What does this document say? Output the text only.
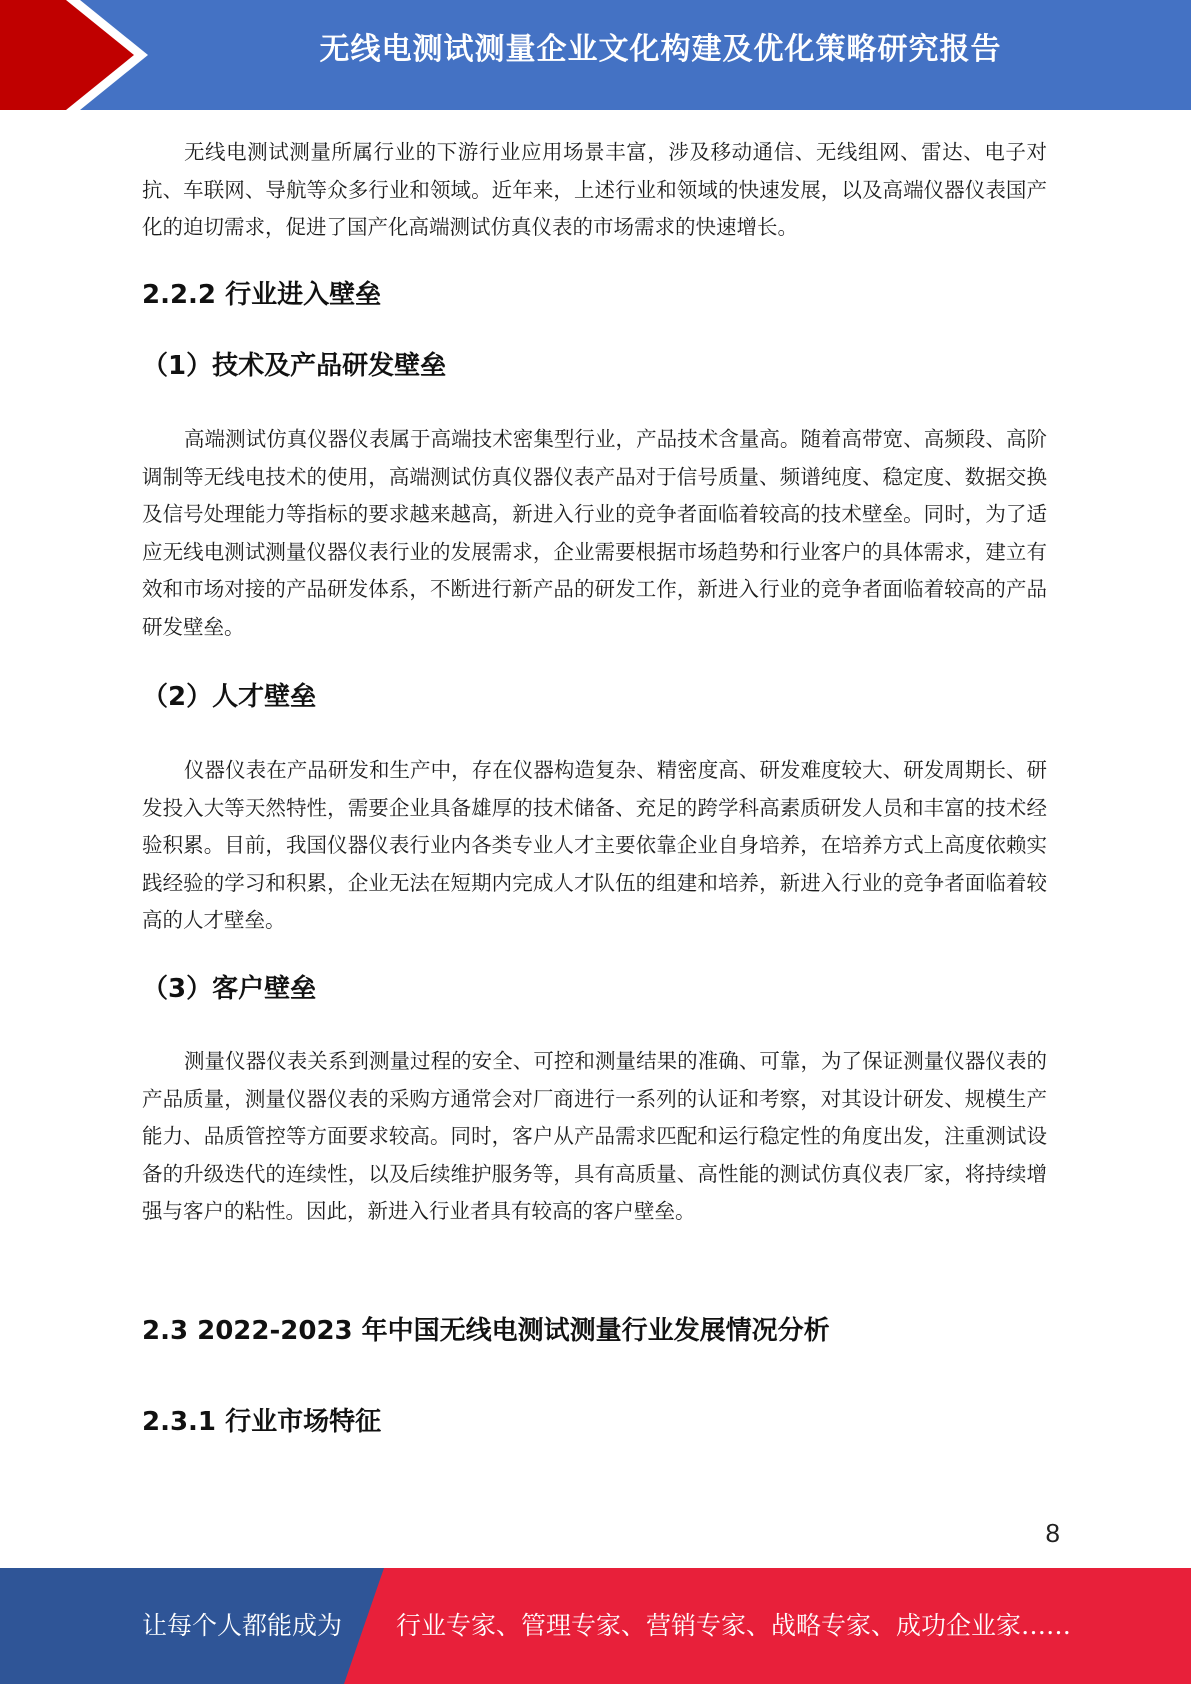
无线电测试测量企业文化构建及优化策略研究报告

无线电测试测量所属行业的下游行业应用场景丰富，涉及移动通信、无线组网、雷达、电子对抗、车联网、导航等众多行业和领域。近年来，上述行业和领域的快速发展，以及高端仪器仪表国产化的迫切需求，促进了国产化高端测试仿真仪表的市场需求的快速增长。

2.2.2 行业进入壁垒
（1）技术及产品研发壁垒

高端测试仿真仪器仪表属于高端技术密集型行业，产品技术含量高。随着高带宽、高频段、高阶调制等无线电技术的使用，高端测试仿真仪器仪表产品对于信号质量、频谱纯度、稳定度、数据交换及信号处理能力等指标的要求越来越高，新进入行业的竞争者面临着较高的技术壁垒。同时，为了适应无线电测试测量仪器仪表行业的发展需求，企业需要根据市场趋势和行业客户的具体需求，建立有效和市场对接的产品研发体系，不断进行新产品的研发工作，新进入行业的竞争者面临着较高的产品研发壁垒。

（2）人才壁垒

仪器仪表在产品研发和生产中，存在仪器构造复杂、精密度高、研发难度较大、研发周期长、研发投入大等天然特性，需要企业具备雄厚的技术储备、充足的跨学科高素质研发人员和丰富的技术经验积累。目前，我国仪器仪表行业内各类专业人才主要依靠企业自身培养，在培养方式上高度依赖实践经验的学习和积累，企业无法在短期内完成人才队伍的组建和培养，新进入行业的竞争者面临着较高的人才壁垒。

（3）客户壁垒

测量仪器仪表关系到测量过程的安全、可控和测量结果的准确、可靠，为了保证测量仪器仪表的产品质量，测量仪器仪表的采购方通常会对厂商进行一系列的认证和考察，对其设计研发、规模生产能力、品质管控等方面要求较高。同时，客户从产品需求匹配和运行稳定性的角度出发，注重测试设备的升级迭代的连续性，以及后续维护服务等，具有高质量、高性能的测试仿真仪表厂家，将持续增强与客户的粘性。因此，新进入行业者具有较高的客户壁垒。

2.3 2022-2023 年中国无线电测试测量行业发展情况分析
2.3.1 行业市场特征
8
让每个人都能成为 行业专家、管理专家、营销专家、战略专家、成功企业家……
